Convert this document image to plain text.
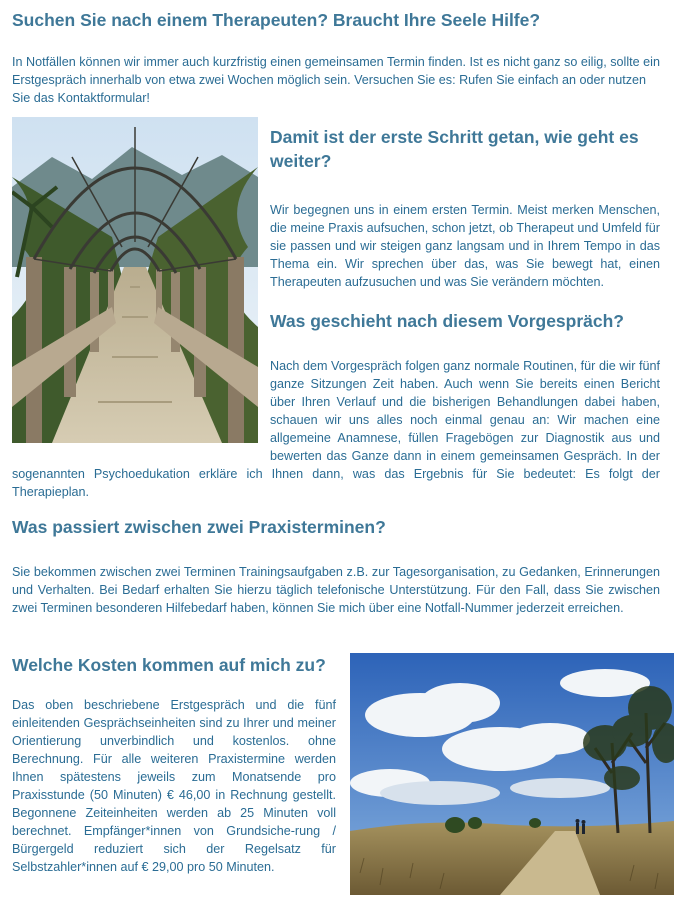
Suchen Sie nach einem Therapeuten? Braucht Ihre Seele Hilfe?

In Notfällen können wir immer auch kurzfristig einen gemeinsamen Termin finden. Ist es nicht ganz so eilig, sollte ein Erstgespräch innerhalb von etwa zwei Wochen möglich sein. Versuchen Sie es: Rufen Sie einfach an oder nutzen Sie das Kontaktformular!

Damit ist der erste Schritt getan, wie geht es weiter?

Wir begegnen uns in einem ersten Termin. Meist merken Menschen, die meine Praxis aufsuchen, schon jetzt, ob Therapeut und Umfeld für sie passen und wir steigen ganz langsam und in Ihrem Tempo in das Thema ein. Wir sprechen über das, was Sie bewegt hat, einen Therapeuten aufzusuchen und was Sie verändern möchten.

Was geschieht nach diesem Vorgespräch?

Nach dem Vorgespräch folgen ganz normale Routinen, für die wir fünf ganze Sitzungen Zeit haben. Auch wenn Sie bereits einen Bericht über Ihren Verlauf und die bisherigen Behandlungen dabei haben, schauen wir uns alles noch einmal genau an: Wir machen eine allgemeine Anamnese, füllen Fragebögen zur Diagnostik aus und bewerten das Ganze dann in einem gemeinsamen Gespräch. In der sogenannten Psychoedukation erkläre ich Ihnen dann, was das Ergebnis für Sie bedeutet: Es folgt der Therapieplan.

Was passiert zwischen zwei Praxisterminen?

Sie bekommen zwischen zwei Terminen Trainingsaufgaben z.B. zur Tagesorganisation, zu Gedanken, Erinnerungen und Verhalten. Bei Bedarf erhalten Sie hierzu täglich telefonische Unterstützung. Für den Fall, dass Sie zwischen zwei Terminen besonderen Hilfebedarf haben, können Sie mich über eine Notfall-Nummer jederzeit erreichen.

Welche Kosten kommen auf mich zu?

Das oben beschriebene Erstgespräch und die fünf einleitenden Gesprächseinheiten sind zu Ihrer und meiner Orientierung unverbindlich und kostenlos. ohne Berechnung. Für alle weiteren Praxistermine werden Ihnen spätestens jeweils zum Monatsende pro Praxisstunde (50 Minuten) € 46,00 in Rechnung gestellt. Begonnene Zeiteinheiten werden ab 25 Minuten voll berechnet. Empfänger*innen von Grundsiche-rung / Bürgergeld reduziert sich der Regelsatz für Selbstzahler*innen auf € 29,00 pro 50 Minuten.
